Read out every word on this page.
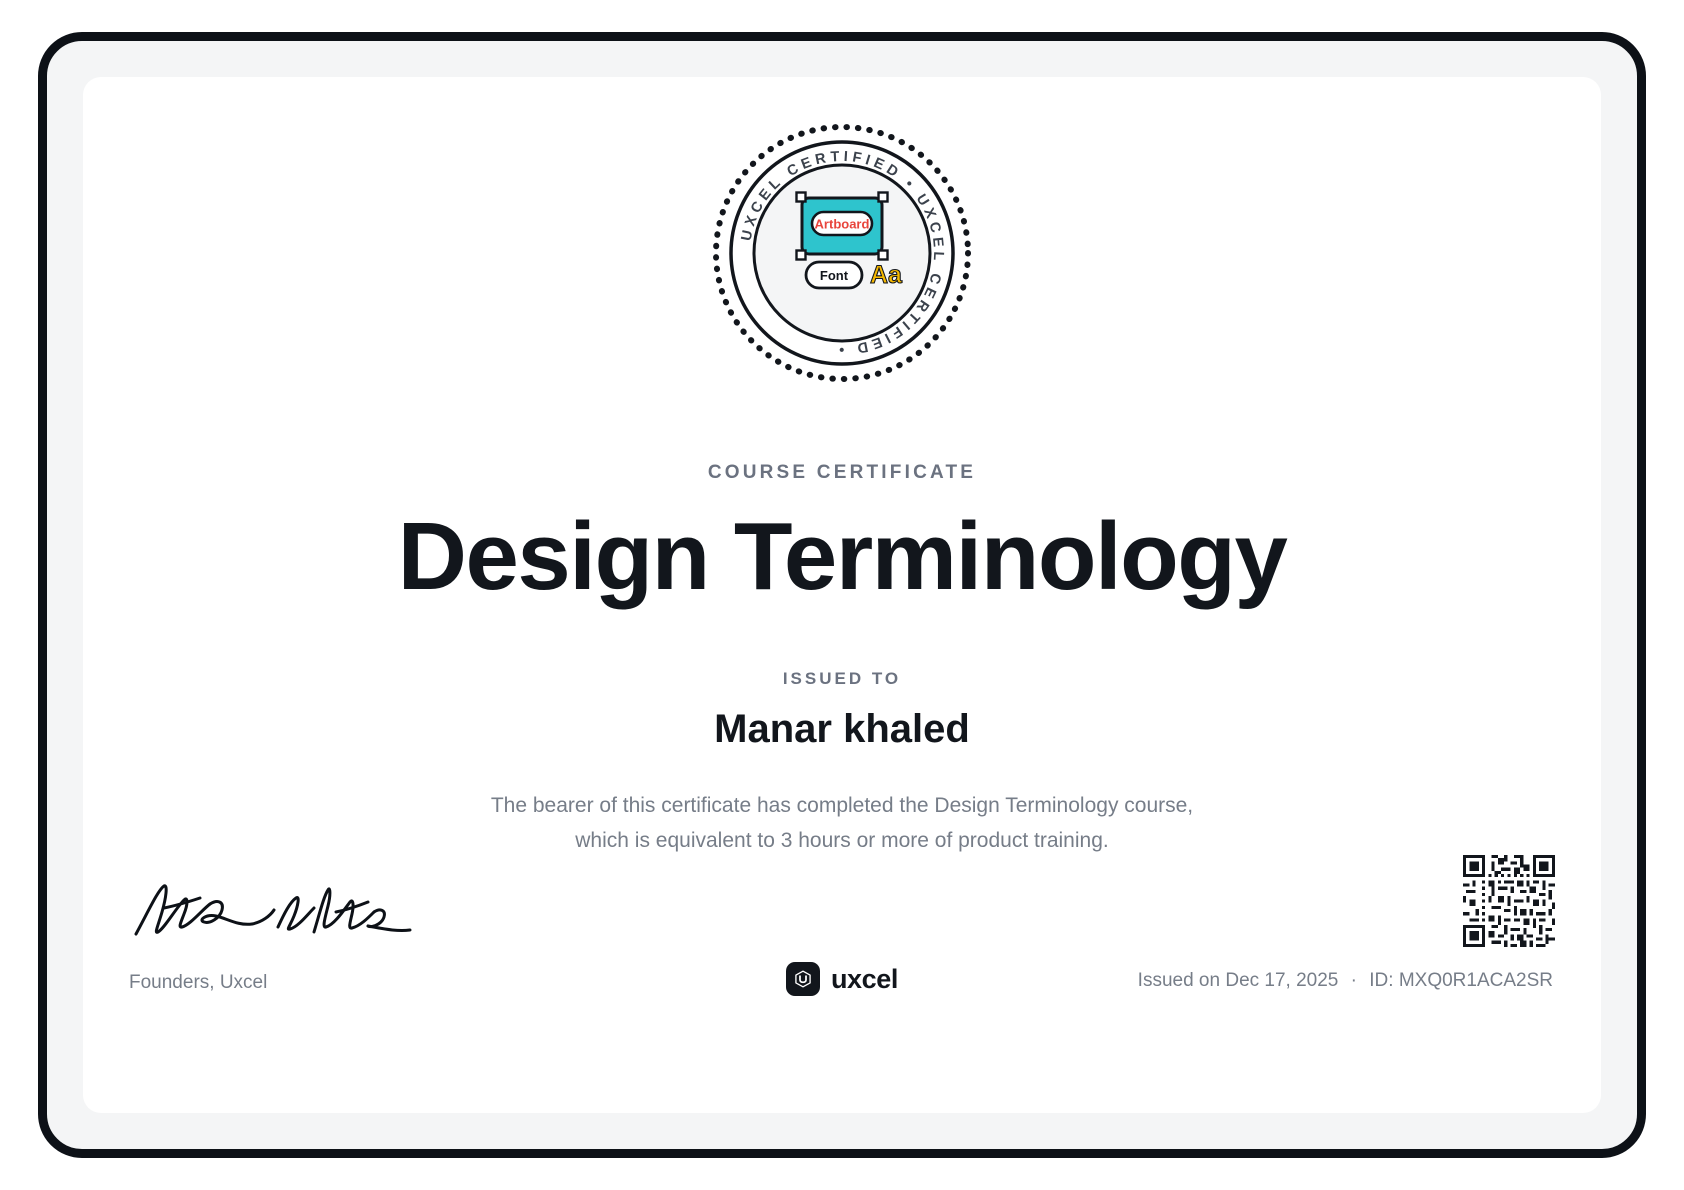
UXCEL CERTIFIED • UXCEL CERTIFIED •
Artboard
Font Aa
COURSE CERTIFICATE
Design Terminology
ISSUED TO
Manar khaled
The bearer of this certificate has completed the Design Terminology course,
which is equivalent to 3 hours or more of product training.
Founders, Uxcel	uxcel	Issued on Dec 17, 2025 · ID: MXQ0R1ACA2SR
